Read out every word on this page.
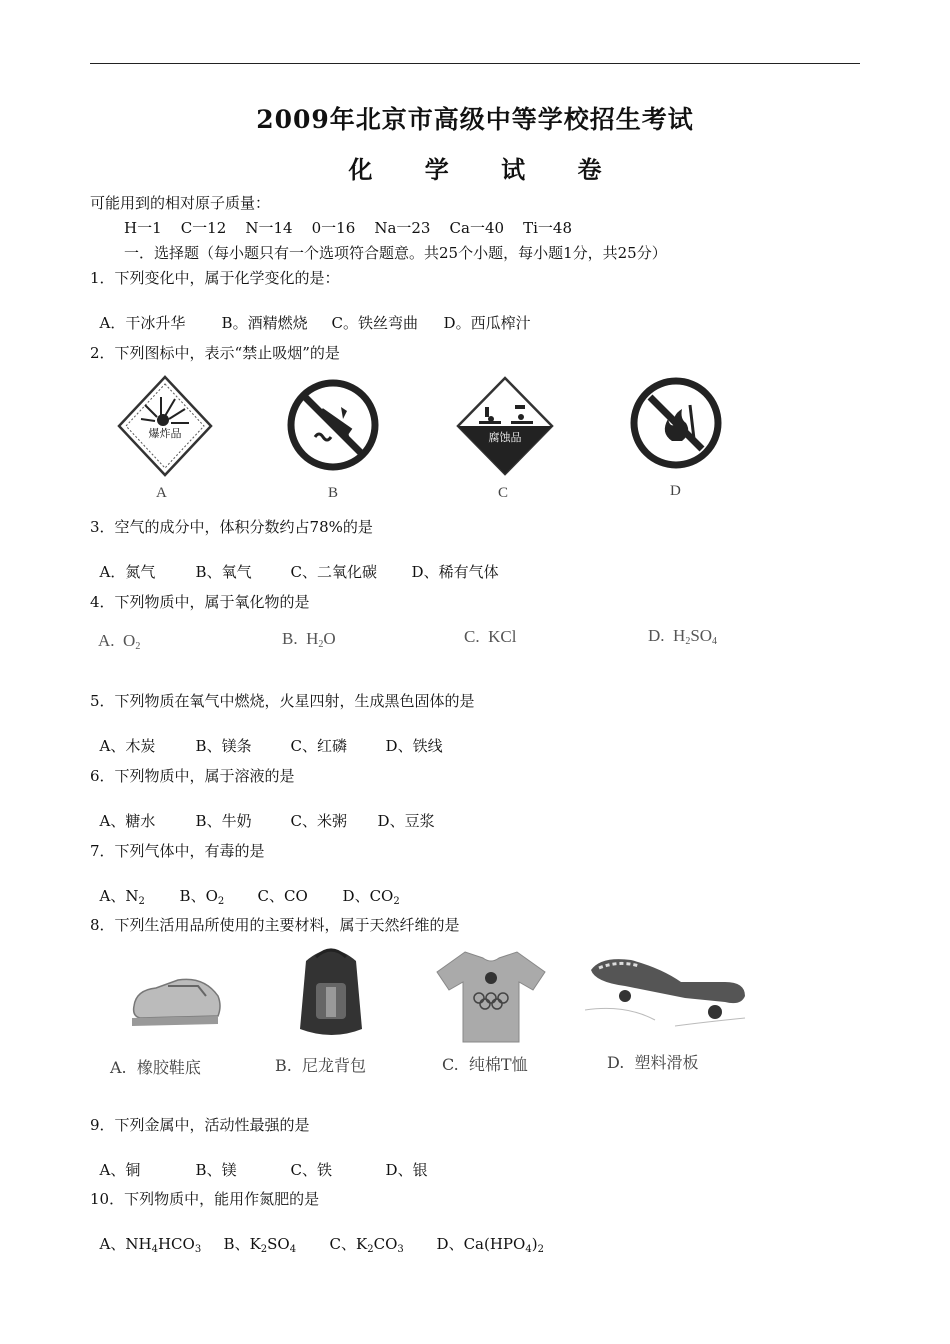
2009年北京市高级中等学校招生考试
化 学 试 卷
可能用到的相对原子质量：
H一1    C一12    N一14    0一16    Na一23    Ca一40    Ti一48
一．选择题（每小题只有一个选项符合题意。共25个小题，每小题1分，共25分）
1．下列变化中，属于化学变化的是：

A．干冰升华 B。酒精燃烧 C。铁丝弯曲 D。西瓜榨汁

2．下列图标中，表示“禁止吸烟”的是
爆炸品
A	B
腐蚀品
C	D
3．空气的成分中，体积分数约占78%的是

A．氮气	B、氧气	C、二氧化碳 D、稀有气体

4．下列物质中，属于氧化物的是
A. $O_2$	B. $H_2O$	C. KCl	D. $H_2SO_4$
5．下列物质在氧气中燃烧，火星四射，生成黑色固体的是

A、木炭	B、镁条	C、红磷	D、铁线

6．下列物质中，属于溶液的是

A、糖水	B、牛奶	C、米粥 D、豆浆

7．下列气体中，有毒的是

A、$N_2$ B、$O_2$ C、CO D、$CO_2$

8．下列生活用品所使用的主要材料，属于天然纤维的是
A.  橡胶鞋底	B.  尼龙背包	C.  纯棉T恤	D.  塑料滑板
9．下列金属中，活动性最强的是

A、铜	B、镁	C、铁	D、银

10．下列物质中，能用作氮肥的是

A、$NH_4HCO_3$ B、$K_2SO_4$ C、$K_2CO_3$ D、$Ca(HPO_4)_2$
